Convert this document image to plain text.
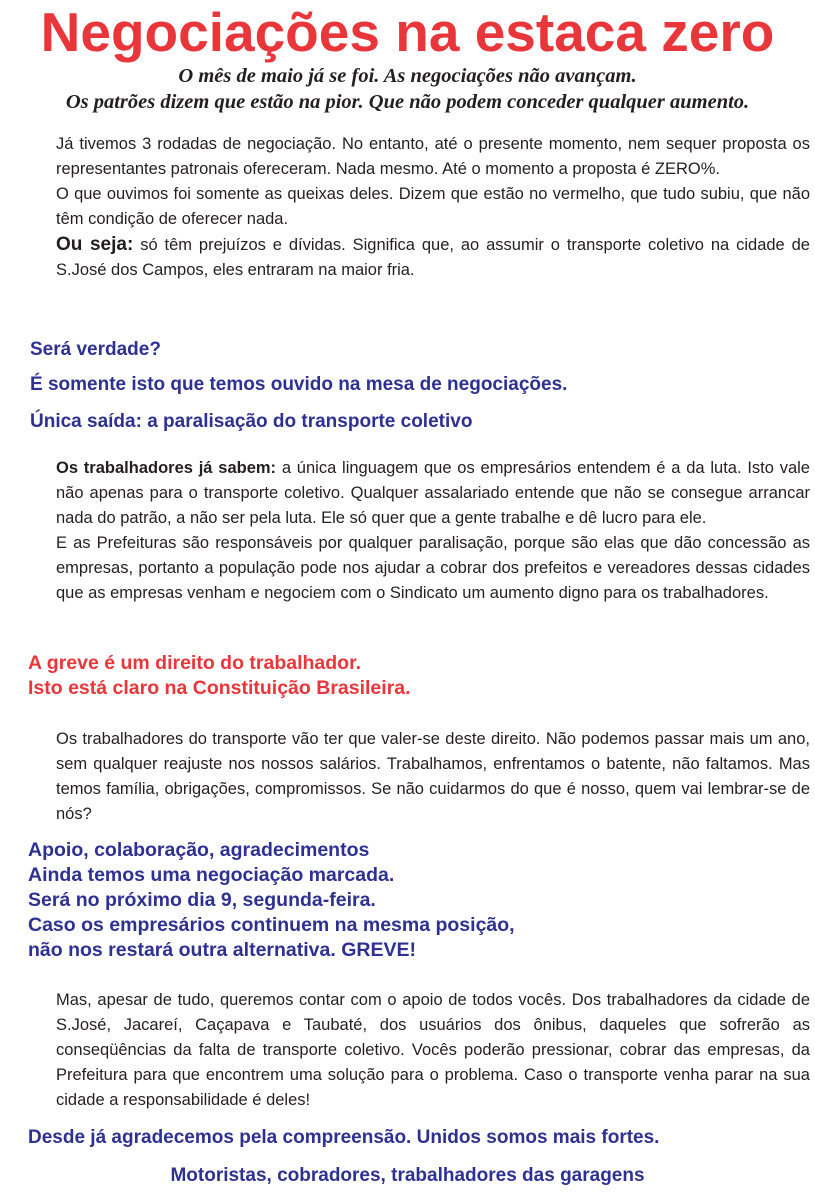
Negociações na estaca zero
O mês de maio já se foi. As negociações não avançam.
Os patrões dizem que estão na pior. Que não podem conceder qualquer aumento.
Já tivemos 3 rodadas de negociação. No entanto, até o presente momento, nem sequer proposta os representantes patronais ofereceram. Nada mesmo. Até o momento a proposta é ZERO%.
O que ouvimos foi somente as queixas deles. Dizem que estão no vermelho, que tudo subiu, que não têm condição de oferecer nada.
Ou seja: só têm prejuízos e dívidas. Significa que, ao assumir o transporte coletivo na cidade de S.José dos Campos, eles entraram na maior fria.
Será verdade?
É somente isto que temos ouvido na mesa de negociações.
Única saída: a paralisação do transporte coletivo
Os trabalhadores já sabem: a única linguagem que os empresários entendem é a da luta. Isto vale não apenas para o transporte coletivo. Qualquer assalariado entende que não se consegue arrancar nada do patrão, a não ser pela luta. Ele só quer que a gente trabalhe e dê lucro para ele.
E as Prefeituras são responsáveis por qualquer paralisação, porque são elas que dão concessão as empresas, portanto a população pode nos ajudar a cobrar dos prefeitos e vereadores dessas cidades que as empresas venham e negociem com o Sindicato um aumento digno para os trabalhadores.
A greve é um direito do trabalhador.
Isto está claro na Constituição Brasileira.
Os trabalhadores do transporte vão ter que valer-se deste direito. Não podemos passar mais um ano, sem qualquer reajuste nos nossos salários. Trabalhamos, enfrentamos o batente, não faltamos. Mas temos família, obrigações, compromissos. Se não cuidarmos do que é nosso, quem vai lembrar-se de nós?
Apoio, colaboração, agradecimentos
Ainda temos uma negociação marcada.
Será no próximo dia 9, segunda-feira.
Caso os empresários continuem na mesma posição,
não nos restará outra alternativa. GREVE!
Mas, apesar de tudo, queremos contar com o apoio de todos vocês. Dos trabalhadores da cidade de S.José, Jacareí, Caçapava e Taubaté, dos usuários dos ônibus, daqueles que sofrerão as conseqüências da falta de transporte coletivo. Vocês poderão pressionar, cobrar das empresas, da Prefeitura para que encontrem uma solução para o problema. Caso o transporte venha parar na sua cidade a responsabilidade é deles!
Desde já agradecemos pela compreensão. Unidos somos mais fortes.
Motoristas, cobradores, trabalhadores das garagens
